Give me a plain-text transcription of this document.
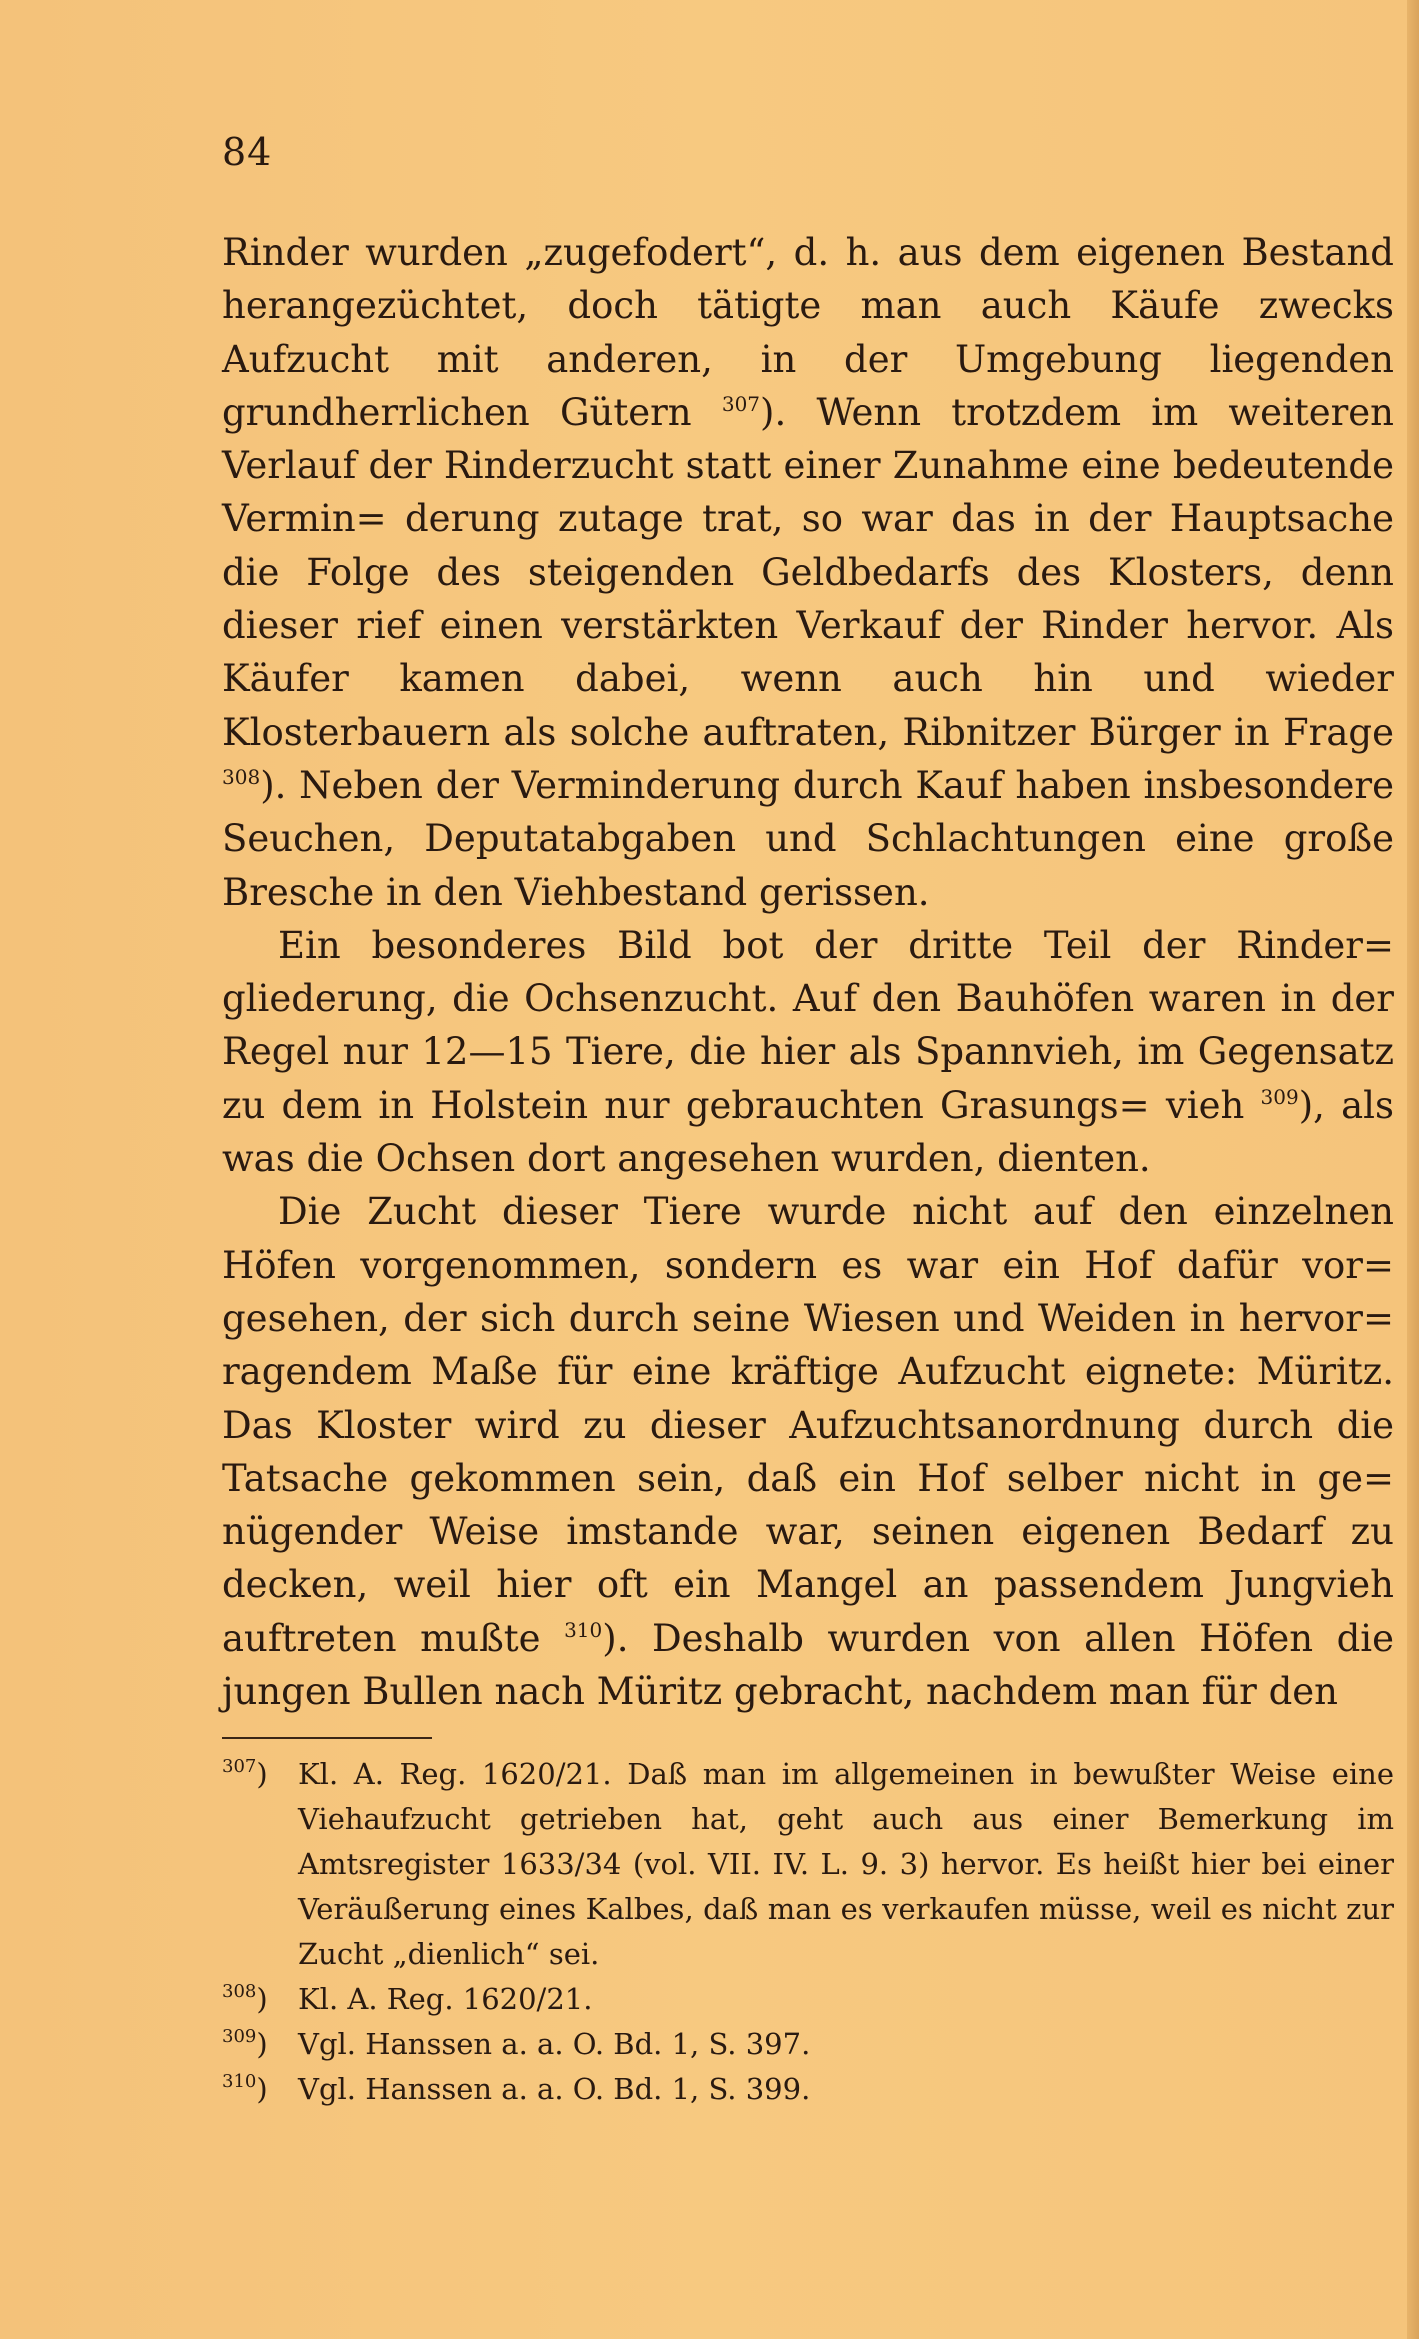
84

Rinder wurden „zugefodert“, d. h. aus dem eigenen Bestand herangezüchtet, doch tätigte man auch Käufe zwecks Aufzucht mit anderen, in der Umgebung liegenden grundherrlichen Gütern $^{307}$). Wenn trotzdem im weiteren Verlauf der Rinderzucht statt einer Zunahme eine bedeutende Vermin= derung zutage trat, so war das in der Hauptsache die Folge des steigenden Geldbedarfs des Klosters, denn dieser rief einen verstärkten Verkauf der Rinder hervor. Als Käufer kamen dabei, wenn auch hin und wieder Klosterbauern als solche auftraten, Ribnitzer Bürger in Frage $^{308}$). Neben der Verminderung durch Kauf haben insbesondere Seuchen, Deputatabgaben und Schlachtungen eine große Bresche in den Viehbestand gerissen.

Ein besonderes Bild bot der dritte Teil der Rinder= gliederung, die Ochsenzucht. Auf den Bauhöfen waren in der Regel nur 12—15 Tiere, die hier als Spannvieh, im Gegensatz zu dem in Holstein nur gebrauchten Grasungs= vieh $^{309}$), als was die Ochsen dort angesehen wurden, dienten.

Die Zucht dieser Tiere wurde nicht auf den einzelnen Höfen vorgenommen, sondern es war ein Hof dafür vor= gesehen, der sich durch seine Wiesen und Weiden in hervor= ragendem Maße für eine kräftige Aufzucht eignete: Müritz. Das Kloster wird zu dieser Aufzuchtsanordnung durch die Tatsache gekommen sein, daß ein Hof selber nicht in ge= nügender Weise imstande war, seinen eigenen Bedarf zu decken, weil hier oft ein Mangel an passendem Jungvieh auftreten mußte $^{310}$). Deshalb wurden von allen Höfen die jungen Bullen nach Müritz gebracht, nachdem man für den

$^{307}$)	Kl. A. Reg. 1620/21. Daß man im allgemeinen in bewußter Weise eine Viehaufzucht getrieben hat, geht auch aus einer Bemerkung im Amtsregister 1633/34 (vol. VII. IV. L. 9. 3) hervor. Es heißt hier bei einer Veräußerung eines Kalbes, daß man es verkaufen müsse, weil es nicht zur Zucht „dienlich“ sei.
$^{308}$)	Kl. A. Reg. 1620/21.
$^{309}$)	Vgl. Hanssen a. a. O. Bd. 1, S. 397.
$^{310}$)	Vgl. Hanssen a. a. O. Bd. 1, S. 399.
